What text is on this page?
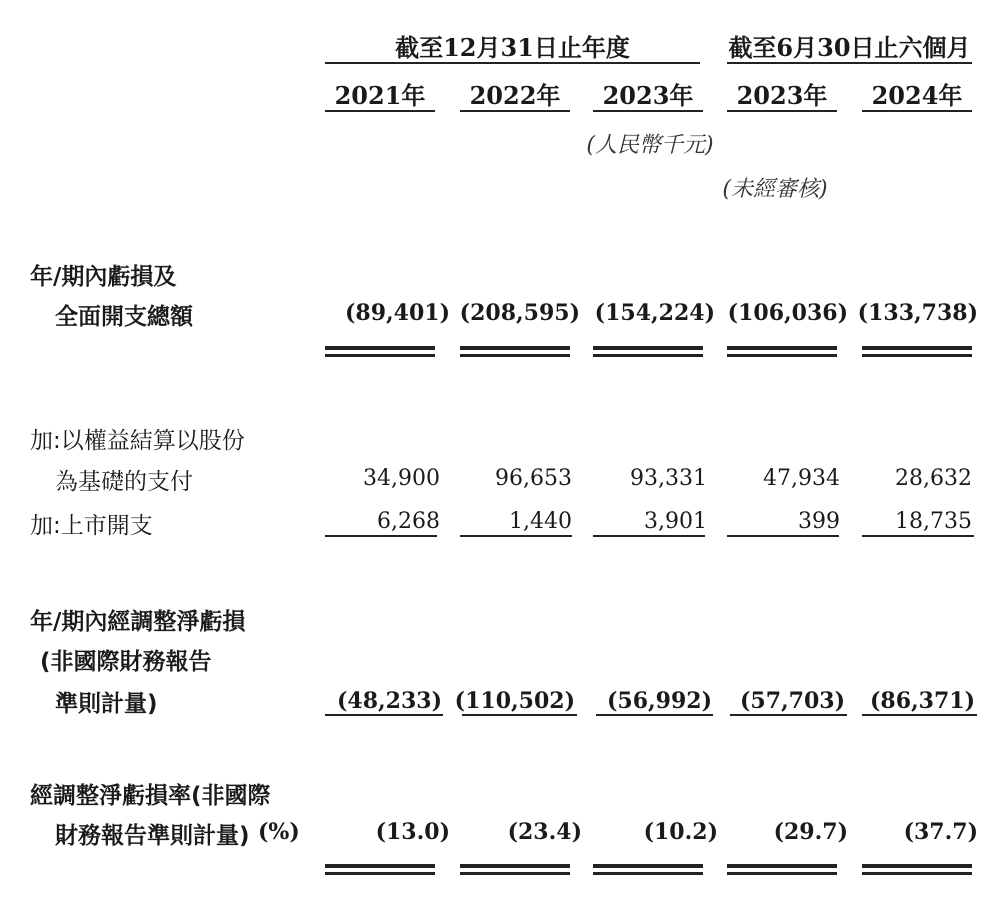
截至12月31日止年度	截至6月30日止六個月
2021年	2022年	2023年	2023年	2024年
(人民幣千元)
(未經審核)
年/期內虧損及
全面開支總額	(89,401) (208,595) (154,224) (106,036) (133,738)
加:以權益結算以股份
為基礎的支付	34,900	96,653	93,331	47,934	28,632
加:上市開支	6,268	1,440	3,901	399	18,735
年/期內經調整淨虧損
(非國際財務報告
準則計量)	(48,233) (110,502)	(56,992)	(57,703)	(86,371)
經調整淨虧損率(非國際
財務報告準則計量) (%)	(13.0)	(23.4)	(10.2)	(29.7)	(37.7)
